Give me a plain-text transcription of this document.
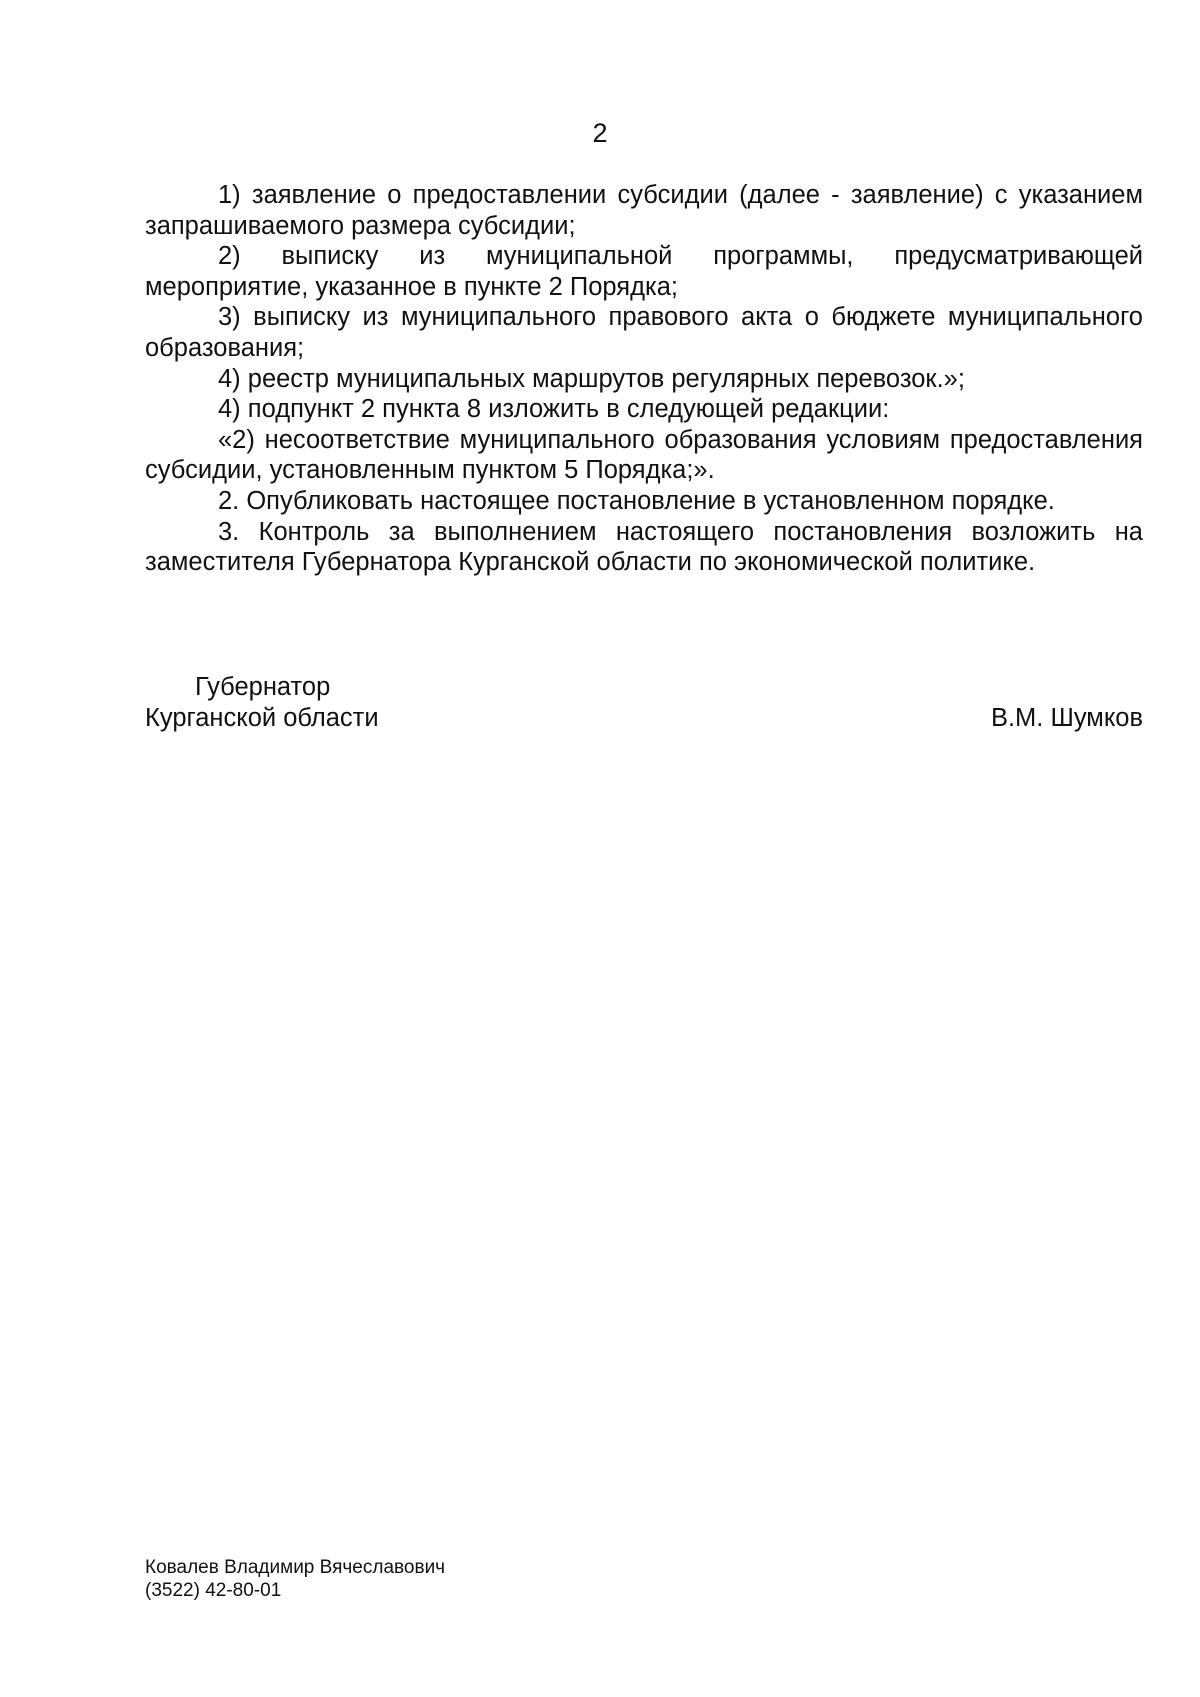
2

1) заявление о предоставлении субсидии (далее - заявление) с указанием запрашиваемого размера субсидии;

2) выписку из муниципальной программы, предусматривающей мероприятие, указанное в пункте 2 Порядка;

3) выписку из муниципального правового акта о бюджете муниципального образования;

4) реестр муниципальных маршрутов регулярных перевозок.»;

4) подпункт 2 пункта 8 изложить в следующей редакции:

«2) несоответствие муниципального образования условиям предоставления субсидии, установленным пунктом 5 Порядка;».

2. Опубликовать настоящее постановление в установленном порядке.

3. Контроль за выполнением настоящего постановления возложить на заместителя Губернатора Курганской области по экономической политике.

Губернатор
Курганской области	В.М. Шумков
Ковалев Владимир Вячеславович
(3522) 42-80-01
